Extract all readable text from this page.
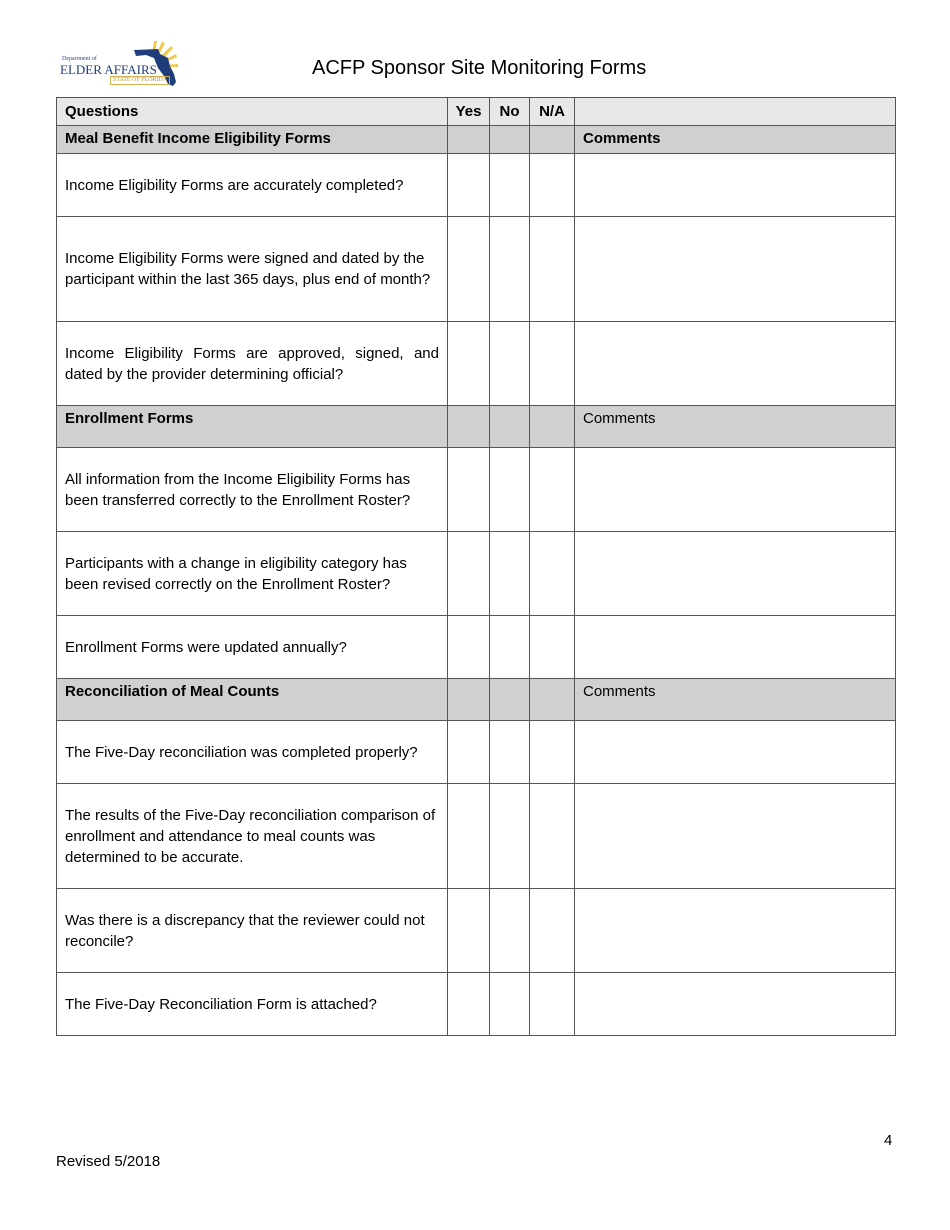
Department of
ELDER AFFAIRS
STATE OF FLORIDA
ACFP Sponsor Site Monitoring Forms
Questions	Yes	No	N/A	
Meal Benefit Income Eligibility Forms				Comments
Income Eligibility Forms are accurately completed?				
Income Eligibility Forms were signed and dated by the participant within the last 365 days, plus end of month?				
Income Eligibility Forms are approved, signed, and dated by the provider determining official?				
Enrollment Forms				Comments
All information from the Income Eligibility Forms has been transferred correctly to the Enrollment Roster?				
Participants with a change in eligibility category has been revised correctly on the Enrollment Roster?				
Enrollment Forms were updated annually?				
Reconciliation of Meal Counts				Comments
The Five-Day reconciliation was completed properly?				
The results of the Five-Day reconciliation comparison of enrollment and attendance to meal counts was determined to be accurate.				
Was there is a discrepancy that the reviewer could not reconcile?				
The Five-Day Reconciliation Form is attached?				
4
Revised 5/2018
